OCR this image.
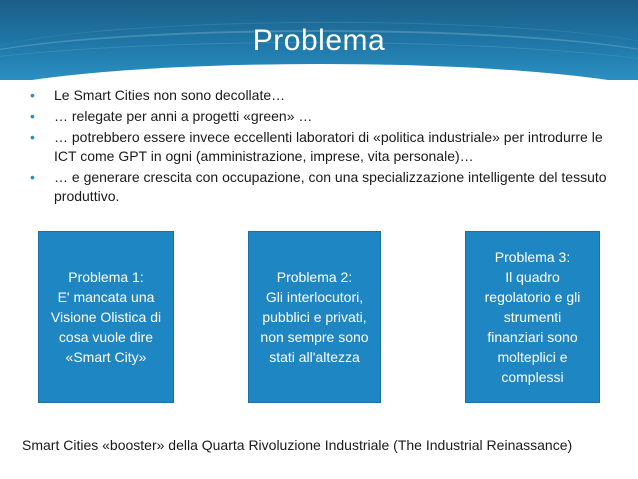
Problema
• Le Smart Cities non sono decollate…
• … relegate per anni a progetti «green» …
• … potrebbero essere invece eccellenti laboratori di «politica industriale» per introdurre le ICT come GPT in ogni (amministrazione, imprese, vita personale)…
• … e generare crescita con occupazione, con una specializzazione intelligente del tessuto produttivo.
Problema 1:
E' mancata una
Visione Olistica di
cosa vuole dire
«Smart City»
Problema 2:
Gli interlocutori,
pubblici e privati,
non sempre sono
stati all'altezza
Problema 3:
Il quadro
regolatorio e gli
strumenti
finanziari sono
molteplici e
complessi
Smart Cities «booster» della Quarta Rivoluzione Industriale (The Industrial Reinassance)
